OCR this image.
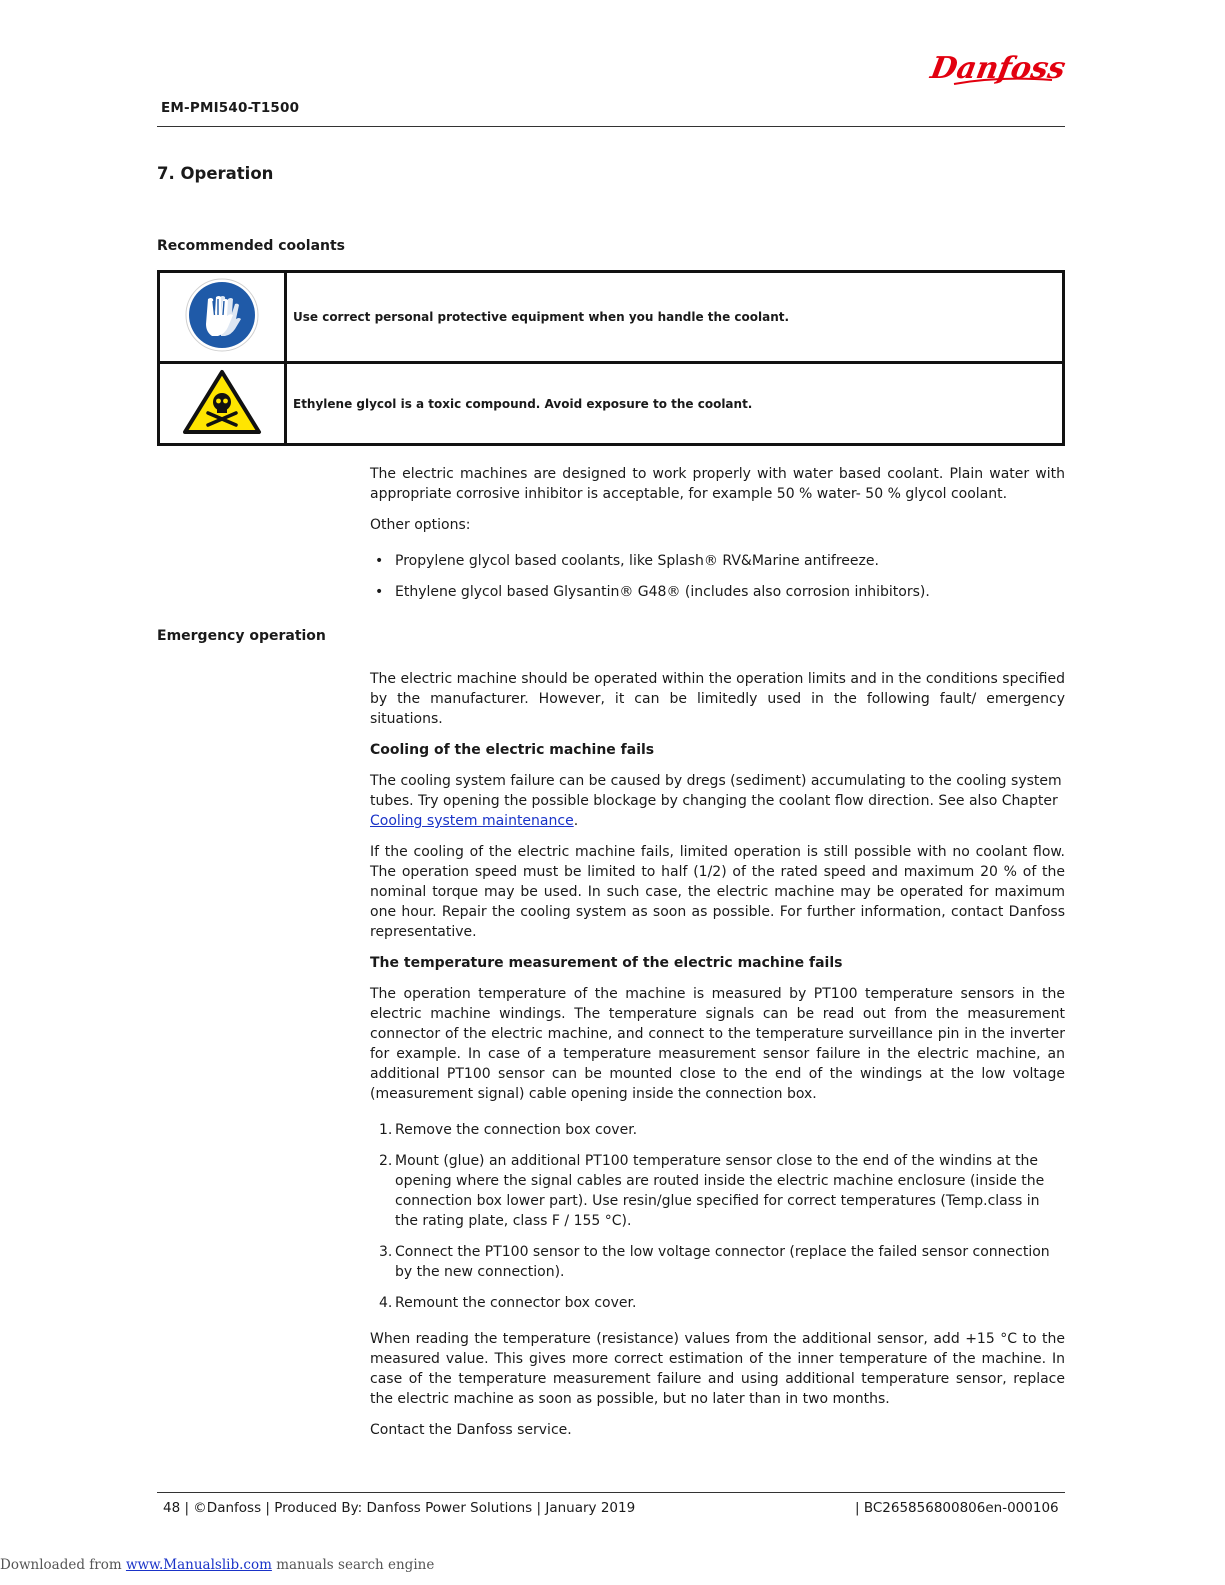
Danfoss
EM-PMI540-T1500
7. Operation
Recommended coolants
	Use correct personal protective equipment when you handle the coolant.
	Ethylene glycol is a toxic compound. Avoid exposure to the coolant.
Emergency operation

The electric machines are designed to work properly with water based coolant. Plain water with appropriate corrosive inhibitor is acceptable, for example 50 % water- 50 % glycol coolant.

Other options:

• Propylene glycol based coolants, like Splash® RV&Marine antifreeze.
• Ethylene glycol based Glysantin® G48® (includes also corrosion inhibitors).

The electric machine should be operated within the operation limits and in the conditions specified by the manufacturer. However, it can be limitedly used in the following fault/ emergency situations.

Cooling of the electric machine fails

The cooling system failure can be caused by dregs (sediment) accumulating to the cooling system tubes. Try opening the possible blockage by changing the coolant flow direction. See also Chapter Cooling system maintenance.

If the cooling of the electric machine fails, limited operation is still possible with no coolant flow. The operation speed must be limited to half (1/2) of the rated speed and maximum 20 % of the nominal torque may be used. In such case, the electric machine may be operated for maximum one hour. Repair the cooling system as soon as possible. For further information, contact Danfoss representative.

The temperature measurement of the electric machine fails

The operation temperature of the machine is measured by PT100 temperature sensors in the electric machine windings. The temperature signals can be read out from the measurement connector of the electric machine, and connect to the temperature surveillance pin in the inverter for example. In case of a temperature measurement sensor failure in the electric machine, an additional PT100 sensor can be mounted close to the end of the windings at the low voltage (measurement signal) cable opening inside the connection box.

1. Remove the connection box cover.
2. Mount (glue) an additional PT100 temperature sensor close to the end of the windins at the opening where the signal cables are routed inside the electric machine enclosure (inside the connection box lower part). Use resin/glue specified for correct temperatures (Temp.class in the rating plate, class F / 155 °C).
3. Connect the PT100 sensor to the low voltage connector (replace the failed sensor connection by the new connection).
4. Remount the connector box cover.

When reading the temperature (resistance) values from the additional sensor, add +15 °C to the measured value. This gives more correct estimation of the inner temperature of the machine. In case of the temperature measurement failure and using additional temperature sensor, replace the electric machine as soon as possible, but no later than in two months.

Contact the Danfoss service.

48 | ©Danfoss | Produced By: Danfoss Power Solutions | January 2019	| BC265856800806en-000106
Downloaded from www.Manualslib.com manuals search engine
